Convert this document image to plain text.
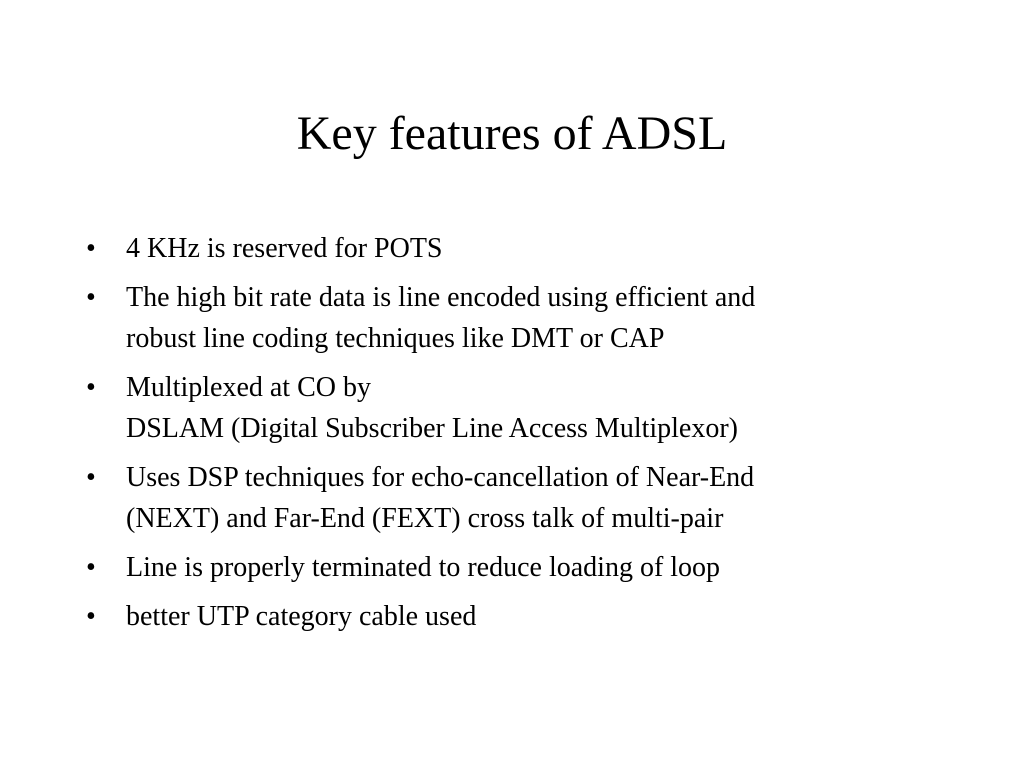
Key features of ADSL
•	4 KHz is reserved for POTS
•	The high bit rate data is line encoded using efficient and
robust line coding techniques like DMT or CAP
•	Multiplexed at CO by
DSLAM (Digital Subscriber Line Access Multiplexor)
•	Uses DSP techniques for echo-cancellation of Near-End
(NEXT) and Far-End (FEXT) cross talk of multi-pair
•	Line is properly terminated to reduce loading of loop
•	better UTP category cable used
